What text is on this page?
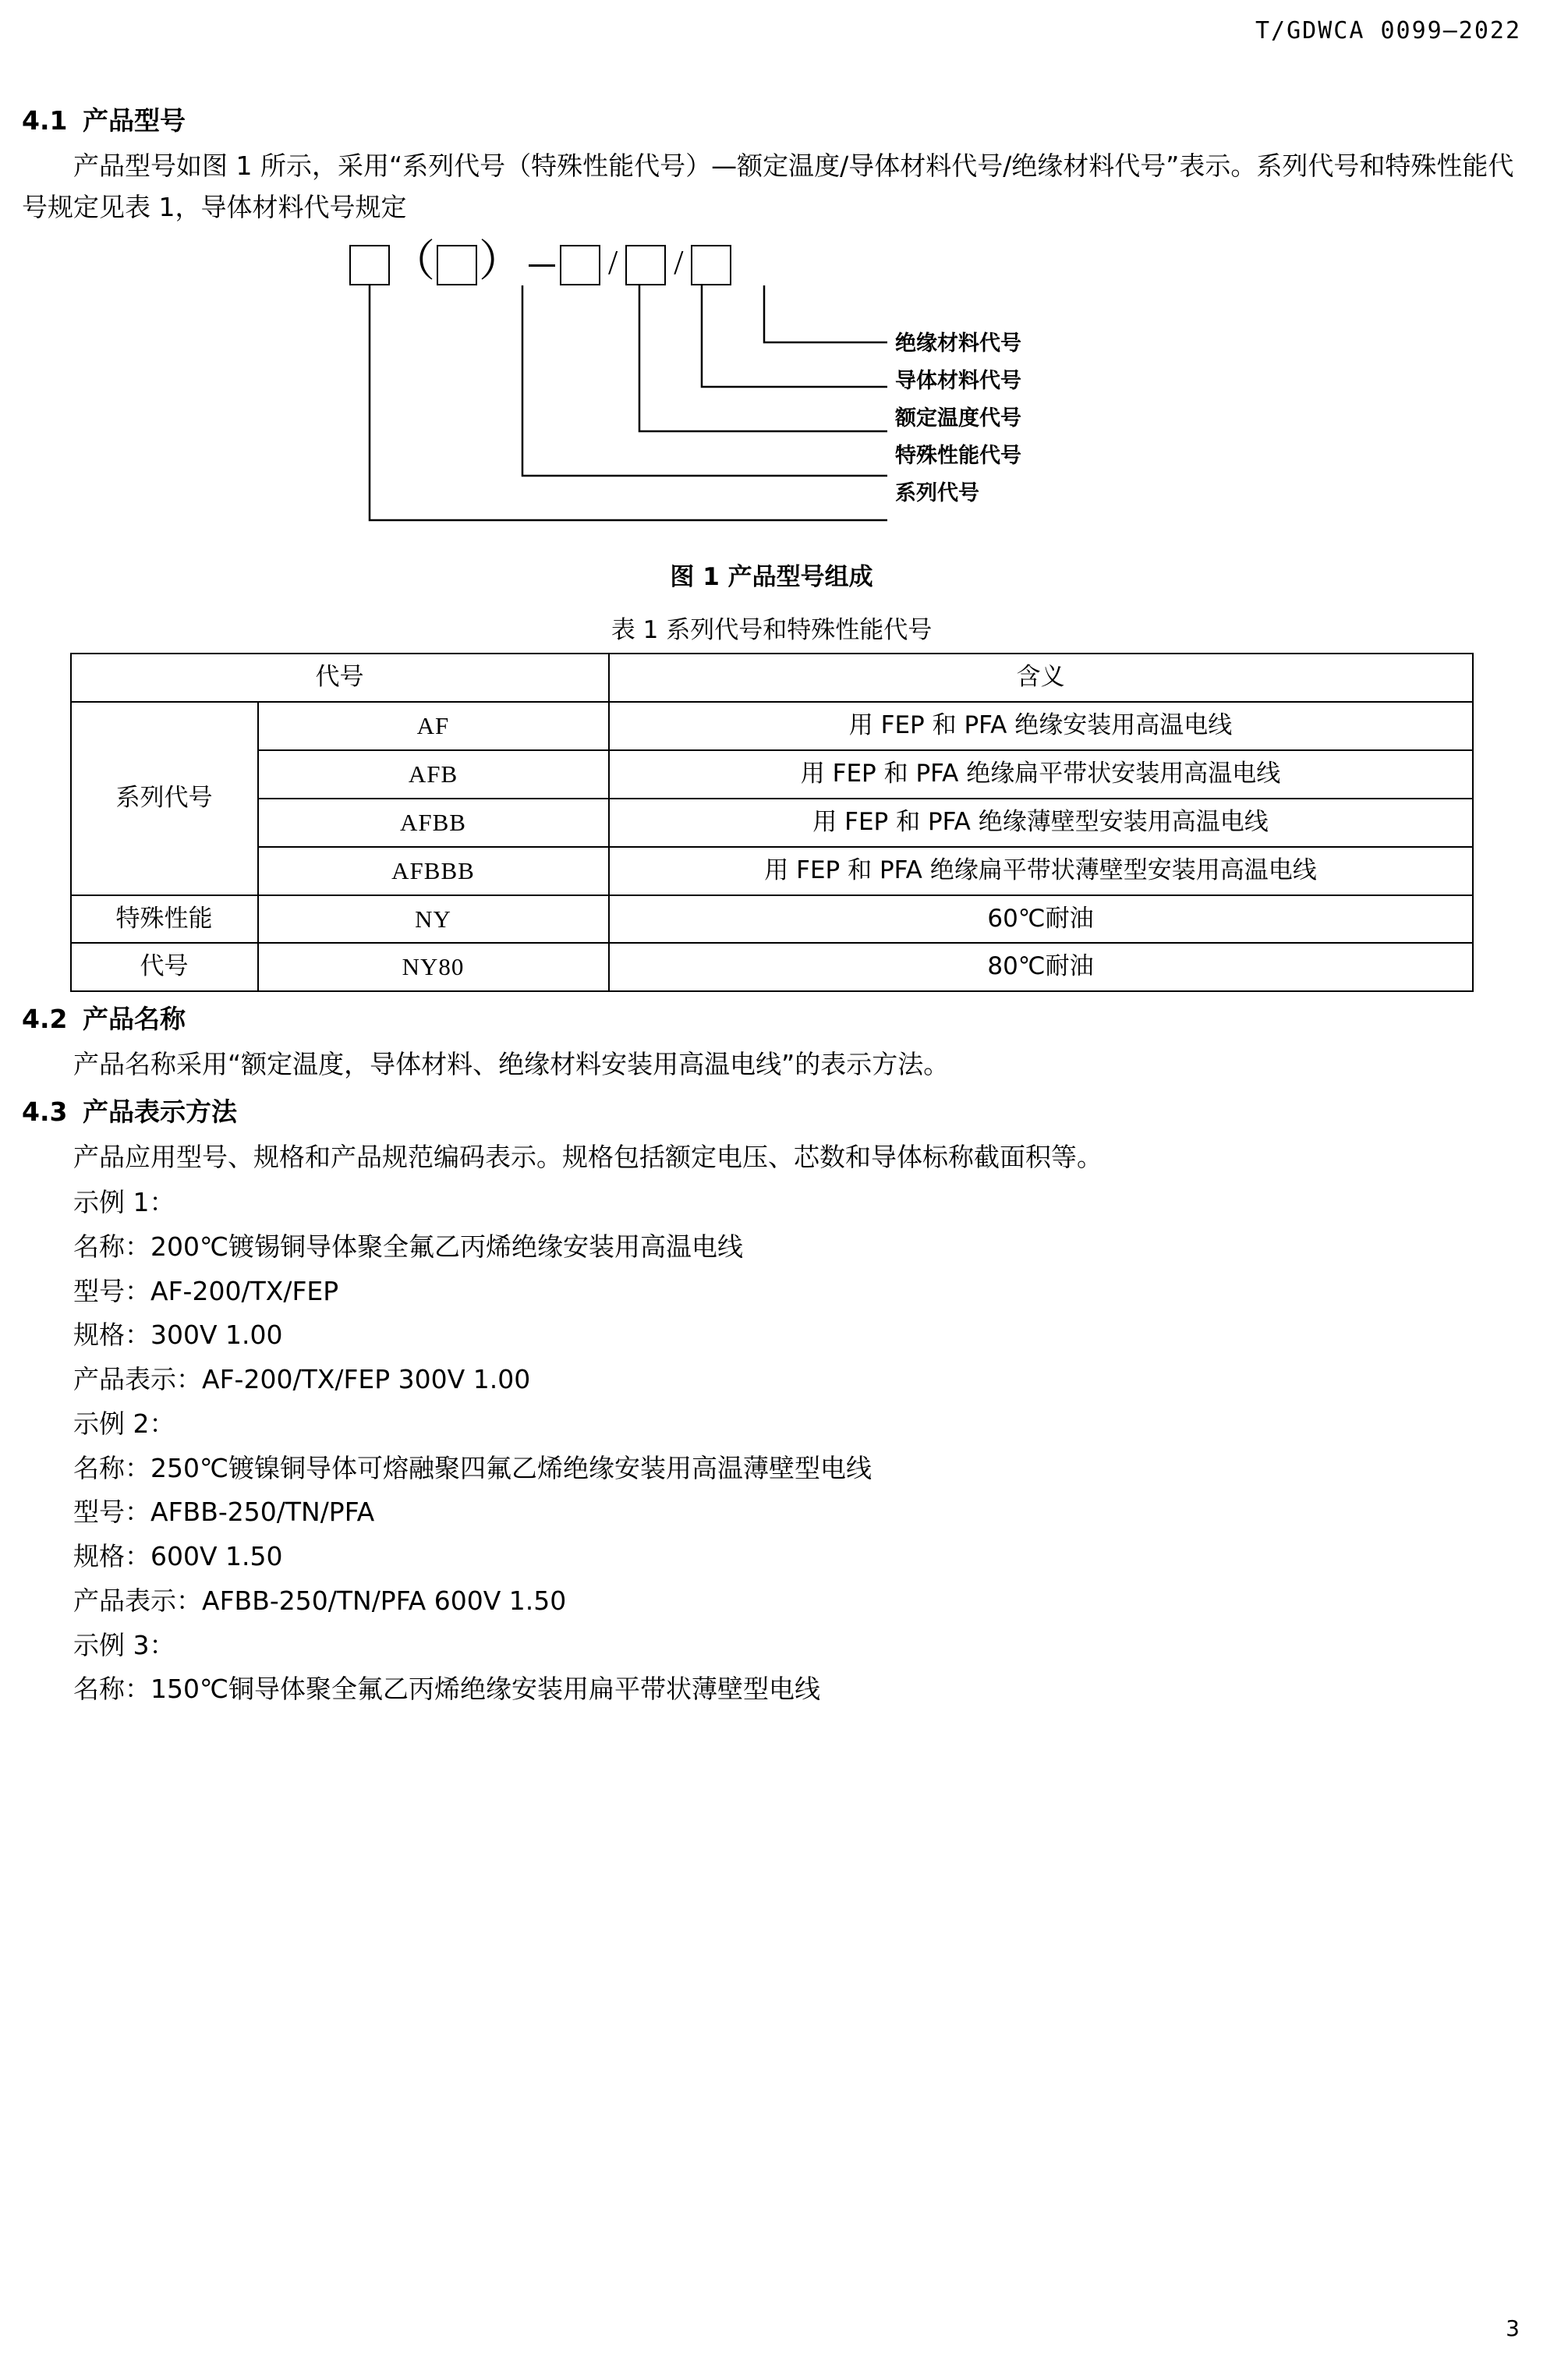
T/GDWCA 0099—2022
4.1 产品型号

产品型号如图 1 所示，采用“系列代号（特殊性能代号）—额定温度/导体材料代号/绝缘材料代号”表示。系列代号和特殊性能代号规定见表 1，导体材料代号规定

（ ）	/ /
绝缘材料代号
导体材料代号
额定温度代号
特殊性能代号
系列代号
图 1 产品型号组成
表 1 系列代号和特殊性能代号
代号		含义
系列代号	AF	用 FEP 和 PFA 绝缘安装用高温电线
	AFB	用 FEP 和 PFA 绝缘扁平带状安装用高温电线
	AFBB	用 FEP 和 PFA 绝缘薄壁型安装用高温电线
	AFBBB	用 FEP 和 PFA 绝缘扁平带状薄壁型安装用高温电线
特殊性能	NY	60℃耐油
代号	NY80	80℃耐油
4.2 产品名称

产品名称采用“额定温度，导体材料、绝缘材料安装用高温电线”的表示方法。

4.3 产品表示方法

产品应用型号、规格和产品规范编码表示。规格包括额定电压、芯数和导体标称截面积等。

示例 1：

名称：200℃镀锡铜导体聚全氟乙丙烯绝缘安装用高温电线

型号：AF-200/TX/FEP

规格：300V 1.00

产品表示：AF-200/TX/FEP 300V 1.00

示例 2：

名称：250℃镀镍铜导体可熔融聚四氟乙烯绝缘安装用高温薄壁型电线

型号：AFBB-250/TN/PFA

规格：600V 1.50

产品表示：AFBB-250/TN/PFA 600V 1.50

示例 3：

名称：150℃铜导体聚全氟乙丙烯绝缘安装用扁平带状薄壁型电线

3
